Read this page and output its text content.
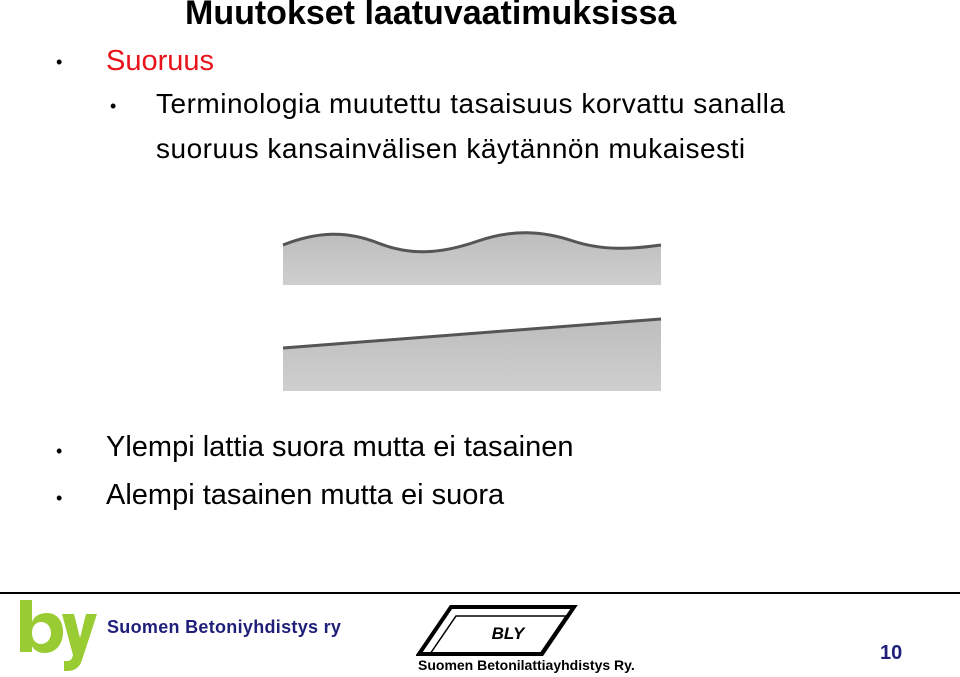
Muutokset laatuvaatimuksissa
• Suoruus
• Terminologia muutettu tasaisuus korvattu sanalla
suoruus kansainvälisen käytännön mukaisesti
• Ylempi lattia suora mutta ei tasainen
• Alempi tasainen mutta ei suora
Suomen Betoniyhdistys ry	BLY
Suomen Betonilattiayhdistys Ry.
10
